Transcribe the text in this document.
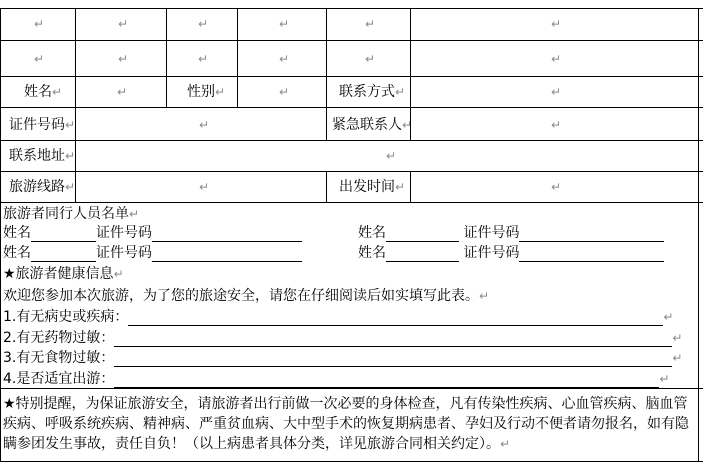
↵	↵	↵	↵	↵	↵
↵	↵	↵	↵	↵	↵
姓名↵	↵	性别↵	↵	联系方式↵	↵
证件号码↵	↵	紧急联系人↵	↵
联系地址↵	↵
旅游线路↵	↵	出发时间↵	↵
旅游者同行人员名单↵
姓名	证件号码	姓名	证件号码
姓名	证件号码	姓名	证件号码
★旅游者健康信息↵
欢迎您参加本次旅游，为了您的旅途安全，请您在仔细阅读后如实填写此表。↵
1.有无病史或疾病：	↵
2.有无药物过敏：	↵
3.有无食物过敏：	↵
4.是否适宜出游：	↵
★特别提醒，为保证旅游安全，请旅游者出行前做一次必要的身体检查，凡有传染性疾病、心血管疾病、脑血管疾病、呼吸系统疾病、精神病、严重贫血病、大中型手术的恢复期病患者、孕妇及行动不便者请勿报名，如有隐瞒参团发生事故，责任自负！（以上病患者具体分类，详见旅游合同相关约定）。↵
